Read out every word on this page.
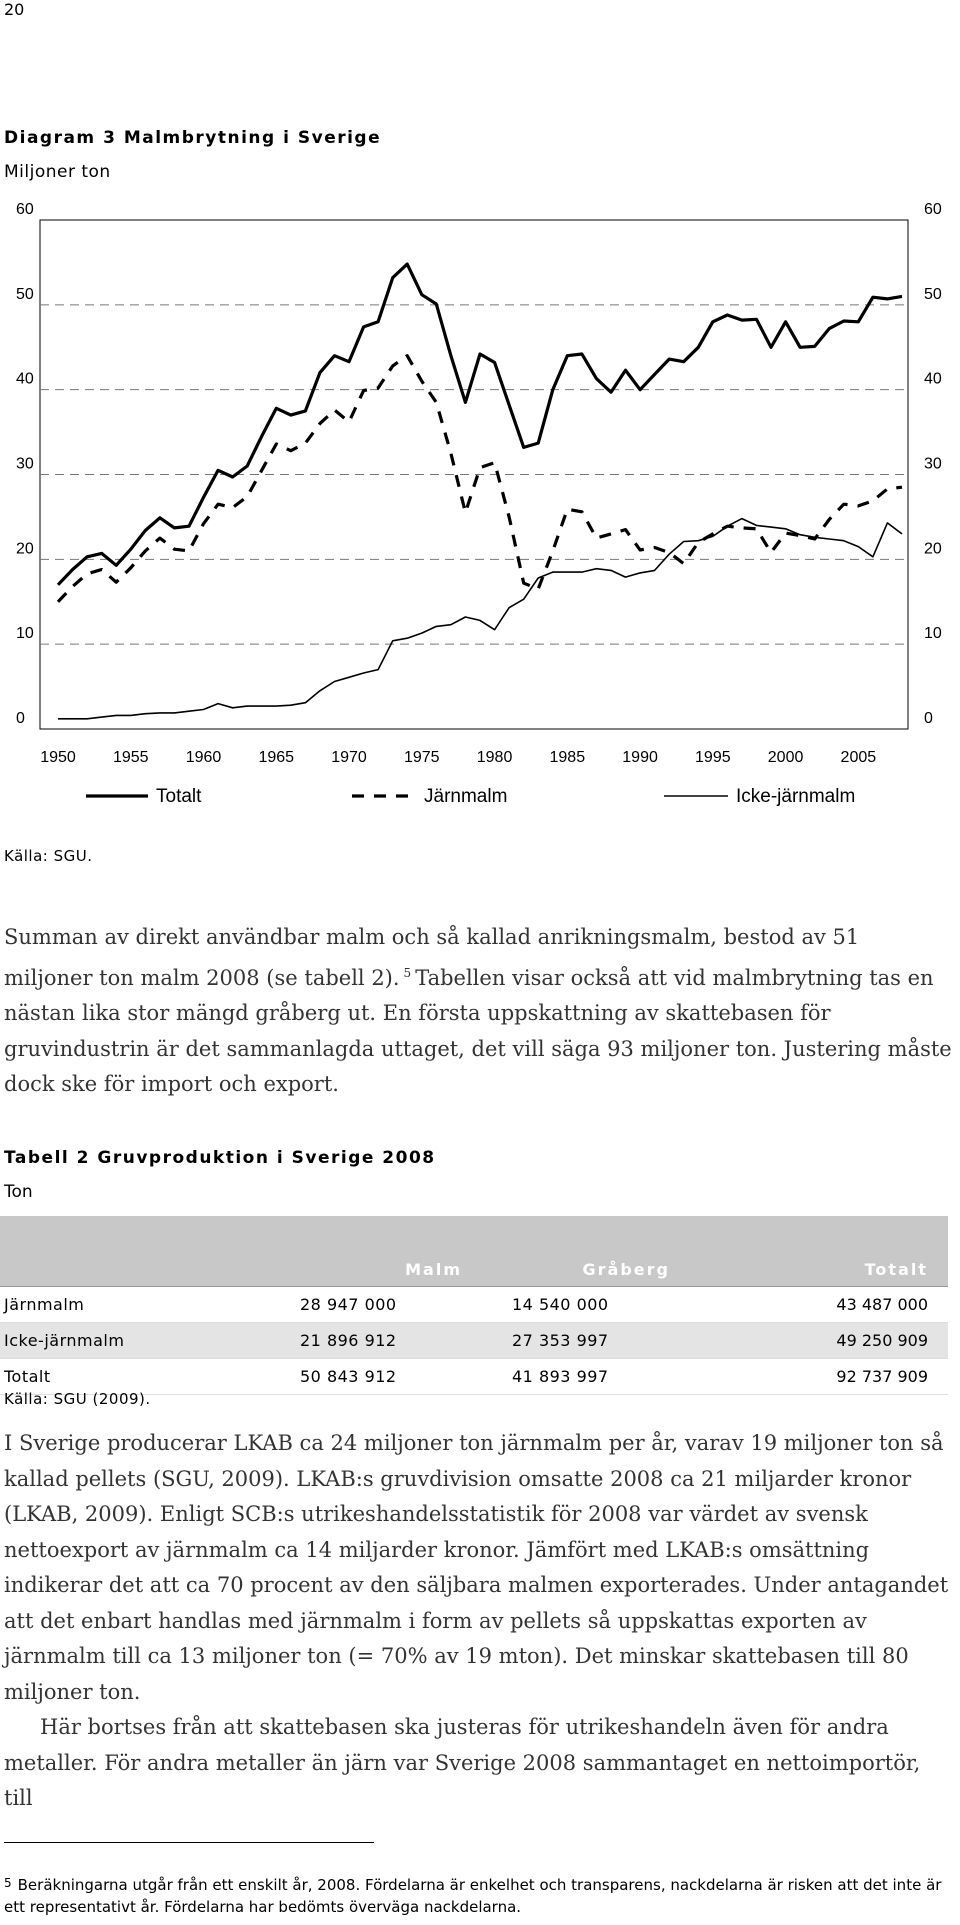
20
Diagram 3 Malmbrytning i Sverige
Miljoner ton
0
10
20
30
40
50
60
0
10
20
30
40
50
60
1950 1955 1960 1965 1970 1975 1980 1985 1990 1995 2000 2005
Totalt	Järnmalm	Icke-järnmalm
Källa: SGU.

Summan av direkt användbar malm och så kallad anrikningsmalm, bestod av 51 miljoner ton malm 2008 (se tabell 2). $^5$ Tabellen visar också att vid malmbrytning tas en nästan lika stor mängd gråberg ut. En första uppskattning av skattebasen för gruvindustrin är det sammanlagda uttaget, det vill säga 93 miljoner ton. Justering måste dock ske för import och export.

Tabell 2 Gruvproduktion i Sverige 2008
Ton

	Malm	Gråberg	Totalt
Järnmalm	28 947 000	14 540 000	43 487 000
Icke-järnmalm	21 896 912	27 353 997	49 250 909
Totalt	50 843 912	41 893 997	92 737 909
Källa: SGU (2009).

I Sverige producerar LKAB ca 24 miljoner ton järnmalm per år, varav 19 miljoner ton så kallad pellets (SGU, 2009). LKAB:s gruvdivision omsatte 2008 ca 21 miljarder kronor (LKAB, 2009). Enligt SCB:s utrikeshandelsstatistik för 2008 var värdet av svensk nettoexport av järnmalm ca 14 miljarder kronor. Jämfört med LKAB:s omsättning indikerar det att ca 70 procent av den säljbara malmen exporterades. Under antagandet att det enbart handlas med järnmalm i form av pellets så uppskattas exporten av järnmalm till ca 13 miljoner ton (= 70% av 19 mton). Det minskar skattebasen till 80 miljoner ton.

Här bortses från att skattebasen ska justeras för utrikeshandeln även för andra metaller. För andra metaller än järn var Sverige 2008 sammantaget en nettoimportör, till

$^5$ Beräkningarna utgår från ett enskilt år, 2008. Fördelarna är enkelhet och transparens, nackdelarna är risken att det inte är ett representativt år. Fördelarna har bedömts överväga nackdelarna.
